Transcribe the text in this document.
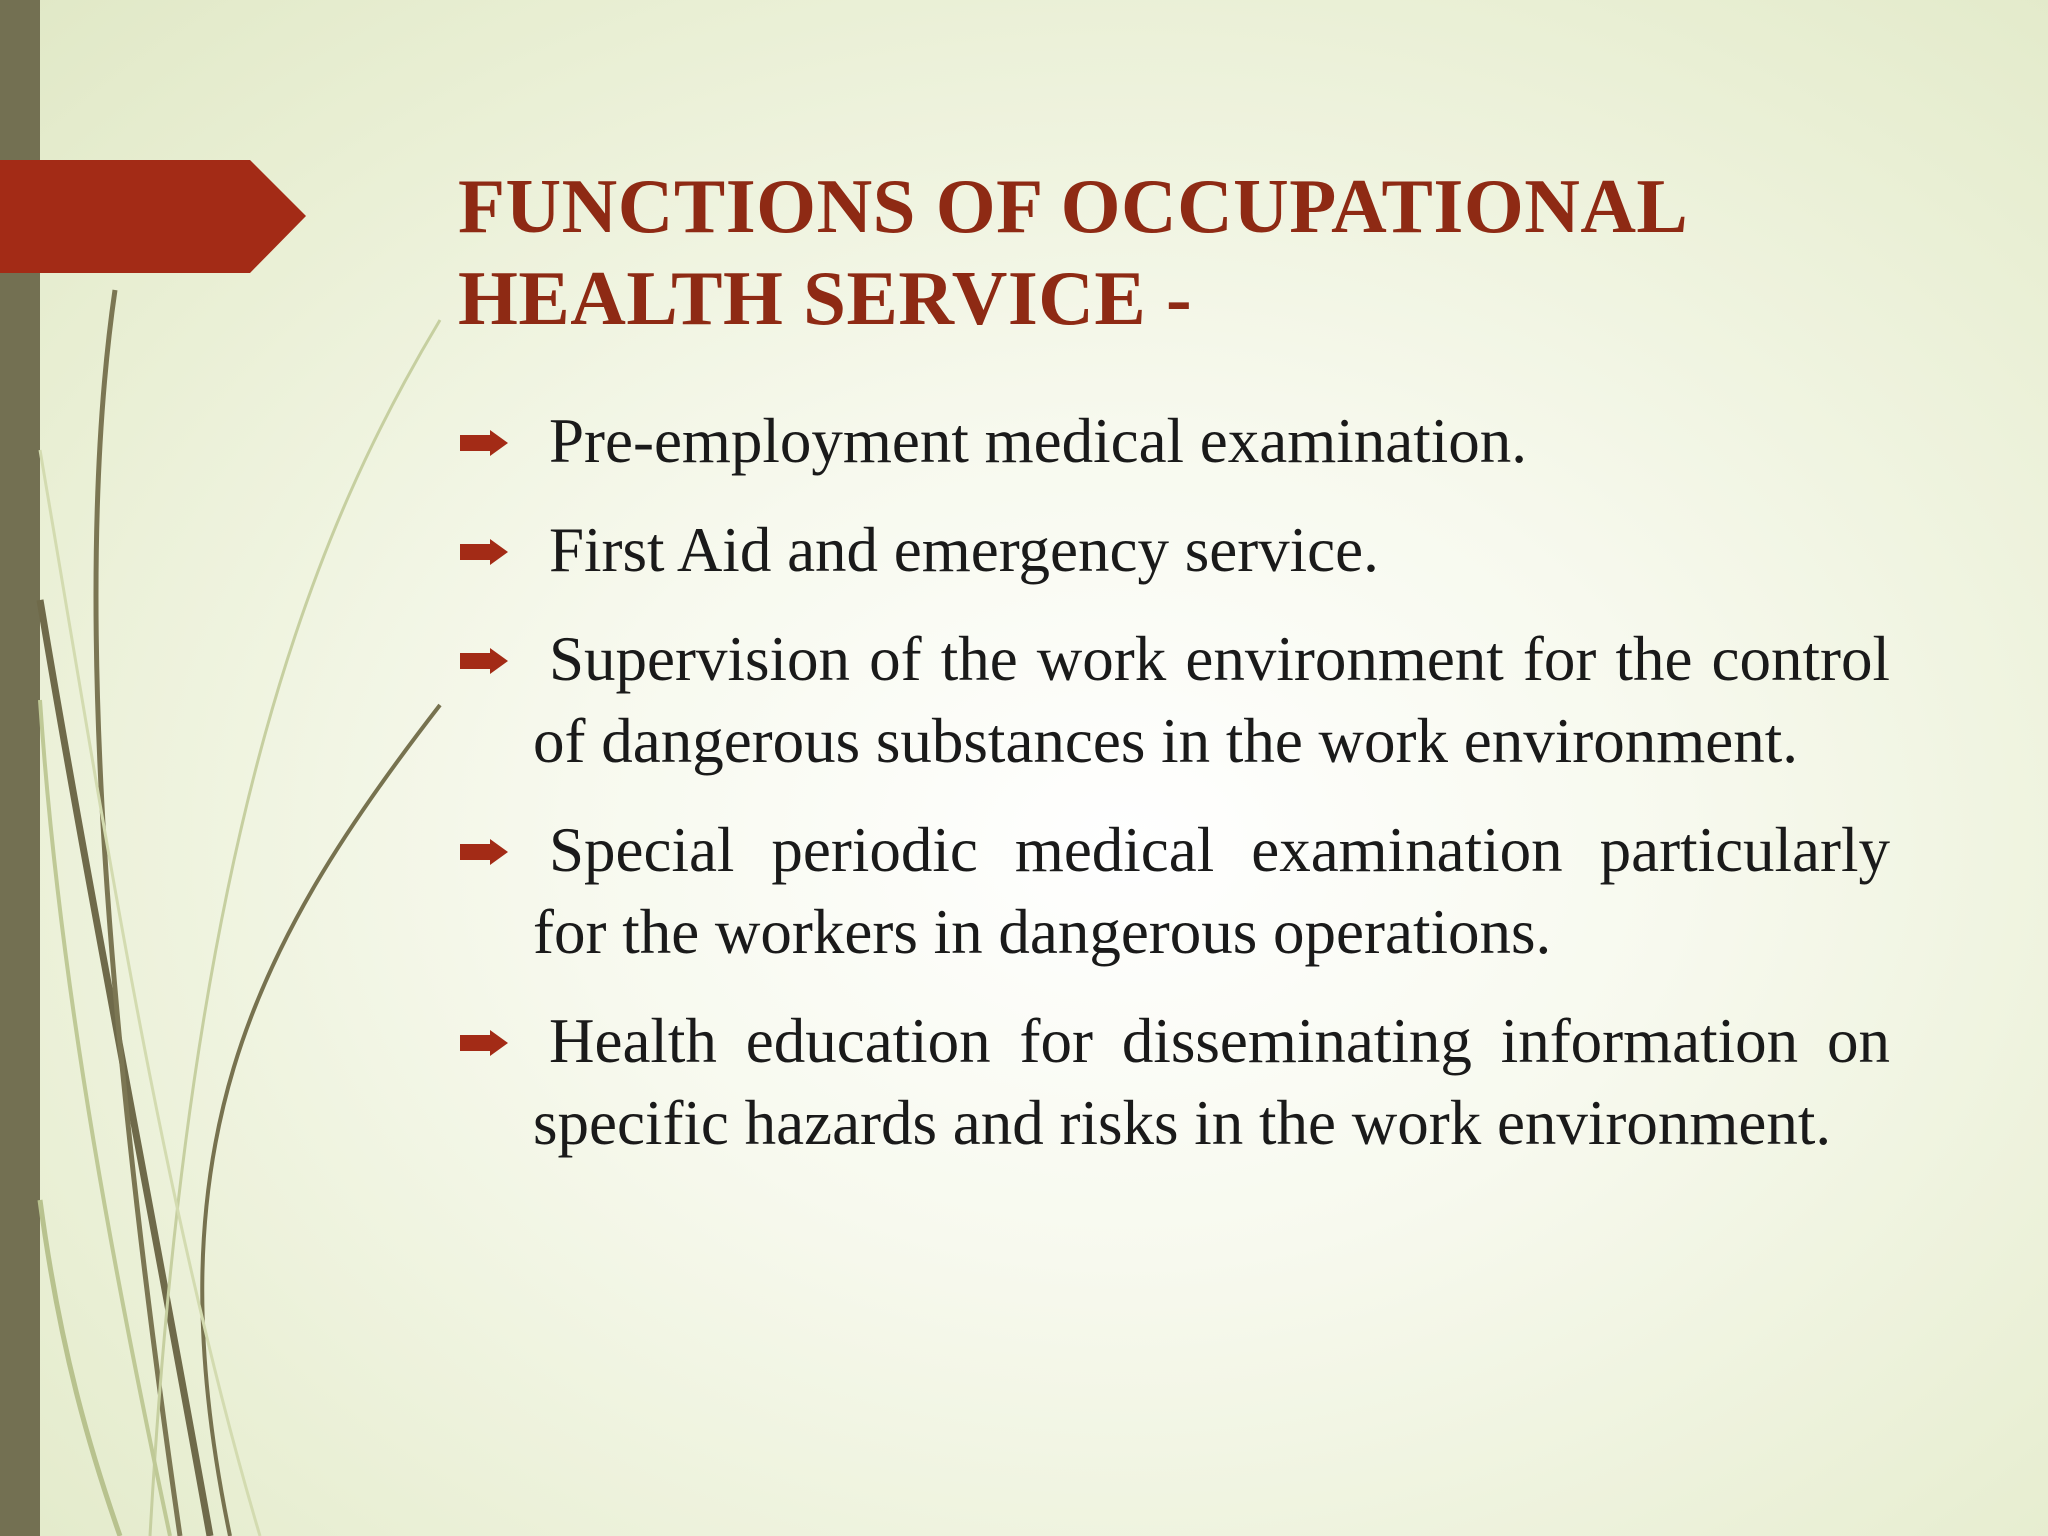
FUNCTIONS OF OCCUPATIONAL HEALTH SERVICE -
Pre-employment medical examination.
First Aid and emergency service.
Supervision of the work environment for the control of dangerous substances in the work environment.
Special periodic medical examination particularly for the workers in dangerous operations.
Health education for disseminating information on specific hazards and risks in the work environment.
